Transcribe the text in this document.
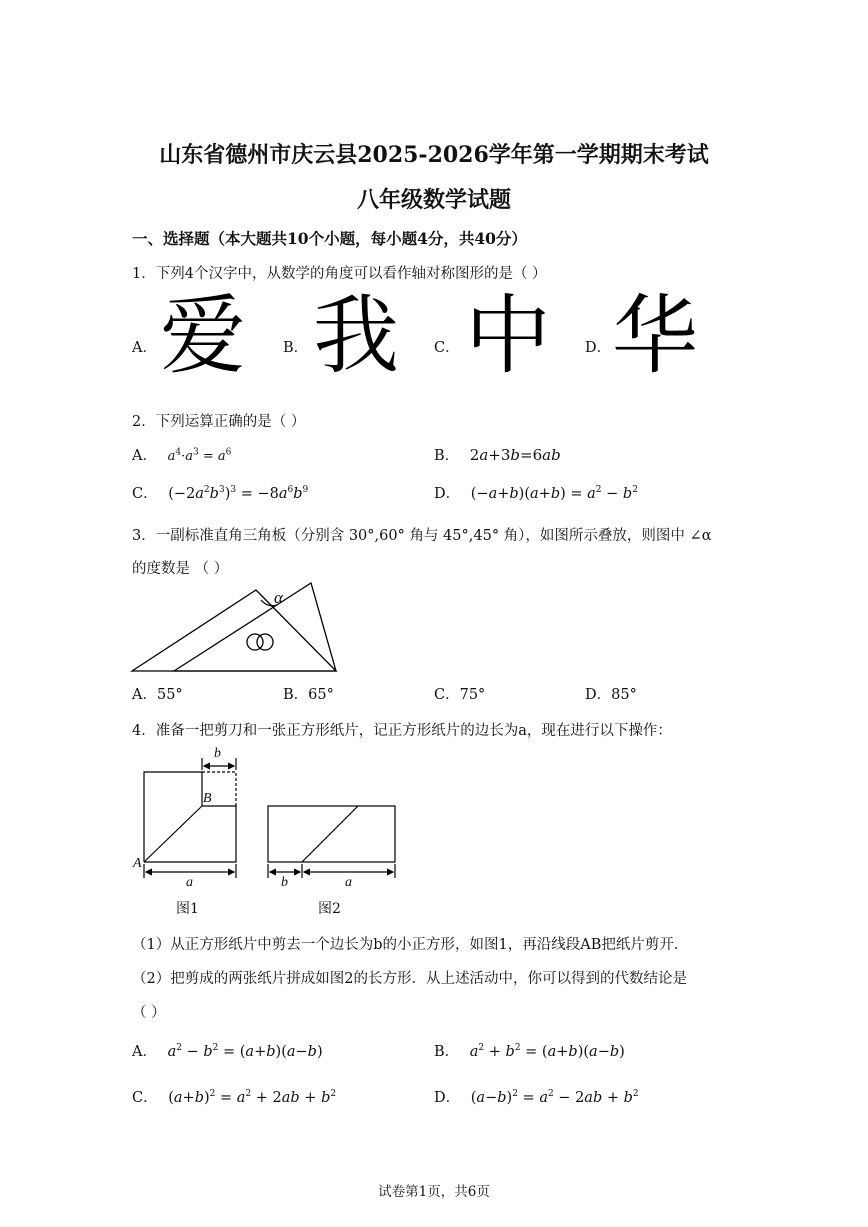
山东省德州市庆云县2025-2026学年第一学期期末考试
八年级数学试题
一、选择题（本大题共10个小题，每小题4分，共40分）
1．下列4个汉字中，从数学的角度可以看作轴对称图形的是（ ）
A． 爱	B． 我 C． 中 D． 华
2．下列运算正确的是（ ）
A． $a^4\cdot a^3 = a^6$	B． 2a+3b=6ab
C． $(-2a^2b^3)^3 = -8a^6b^9$	D． $(-a+b)(a+b) = a^2 - b^2$
3．一副标准直角三角板（分别含 30°,60° 角与 45°,45° 角），如图所示叠放，则图中 ∠α
的度数是 （ ）
α
A．55°	B．65°	C．75°	D．85°
4．准备一把剪刀和一张正方形纸片，记正方形纸片的边长为a，现在进行以下操作：
b
B
A
a	b	a
图1	图2
（1）从正方形纸片中剪去一个边长为b的小正方形，如图1，再沿线段AB把纸片剪开．
（2）把剪成的两张纸片拼成如图2的长方形．从上述活动中，你可以得到的代数结论是
（ ）
A． $a^2 - b^2 = (a+b)(a-b)$	B． $a^2 + b^2 = (a+b)(a-b)$
C． $(a+b)^2 = a^2 + 2ab + b^2$	D． $(a-b)^2 = a^2 - 2ab + b^2$
试卷第1页，共6页
